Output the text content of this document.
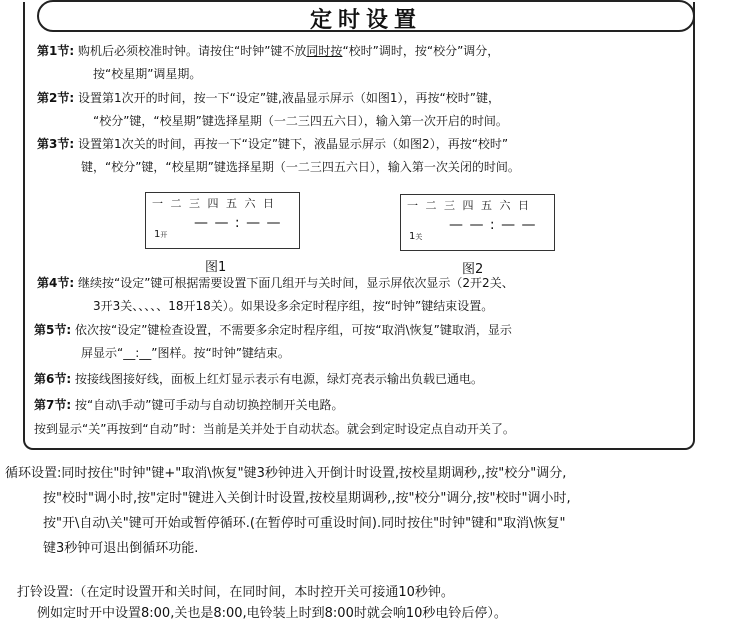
定时设置
第1节: 购机后必须校准时钟。请按住“时钟”键不放同时按“校时”调时，按“校分”调分，
按“校星期”调星期。
第2节: 设置第1次开的时间，按一下“设定”键,液晶显示屏示（如图1），再按“校时”键，
“校分”键，“校星期”键选择星期（一二三四五六日），输入第一次开启的时间。
第3节: 设置第1次关的时间，再按一下“设定”键下，液晶显示屏示（如图2），再按“校时”
键，“校分”键，“校星期”键选择星期（一二三四五六日），输入第一次关闭的时间。
一 二 三 四 五 六 日
— — : — —
1开
图1
一 二 三 四 五 六 日
— — : — —
1关
图2
第4节: 继续按“设定”键可根据需要设置下面几组开与关时间，显示屏依次显示（2开2关、
3开3关、、、、、18开18关）。如果设多余定时程序组，按“时钟”键结束设置。
第5节: 依次按“设定”键检查设置，不需要多余定时程序组，可按“取消\恢复”键取消，显示
屏显示“__:__”图样。按“时钟”键结束。
第6节: 按接线图接好线，面板上红灯显示表示有电源，绿灯亮表示输出负载已通电。
第7节: 按“自动\手动”键可手动与自动切换控制开关电路。
按到显示“关”再按到“自动”时：当前是关并处于自动状态。就会到定时设定点自动开关了。
循环设置:同时按住"时钟"键+"取消\恢复"键3秒钟进入开倒计时设置,按校星期调秒,,按"校分"调分,
按"校时"调小时,按"定时"键进入关倒计时设置,按校星期调秒,,按"校分"调分,按"校时"调小时,
按"开\自动\关"键可开始或暂停循环.(在暂停时可重设时间).同时按住"时钟"键和"取消\恢复"
键3秒钟可退出倒循环功能.
打铃设置:（在定时设置开和关时间，在同时间，本时控开关可接通10秒钟。
例如定时开中设置8:00,关也是8:00,电铃装上时到8:00时就会响10秒电铃后停）。
